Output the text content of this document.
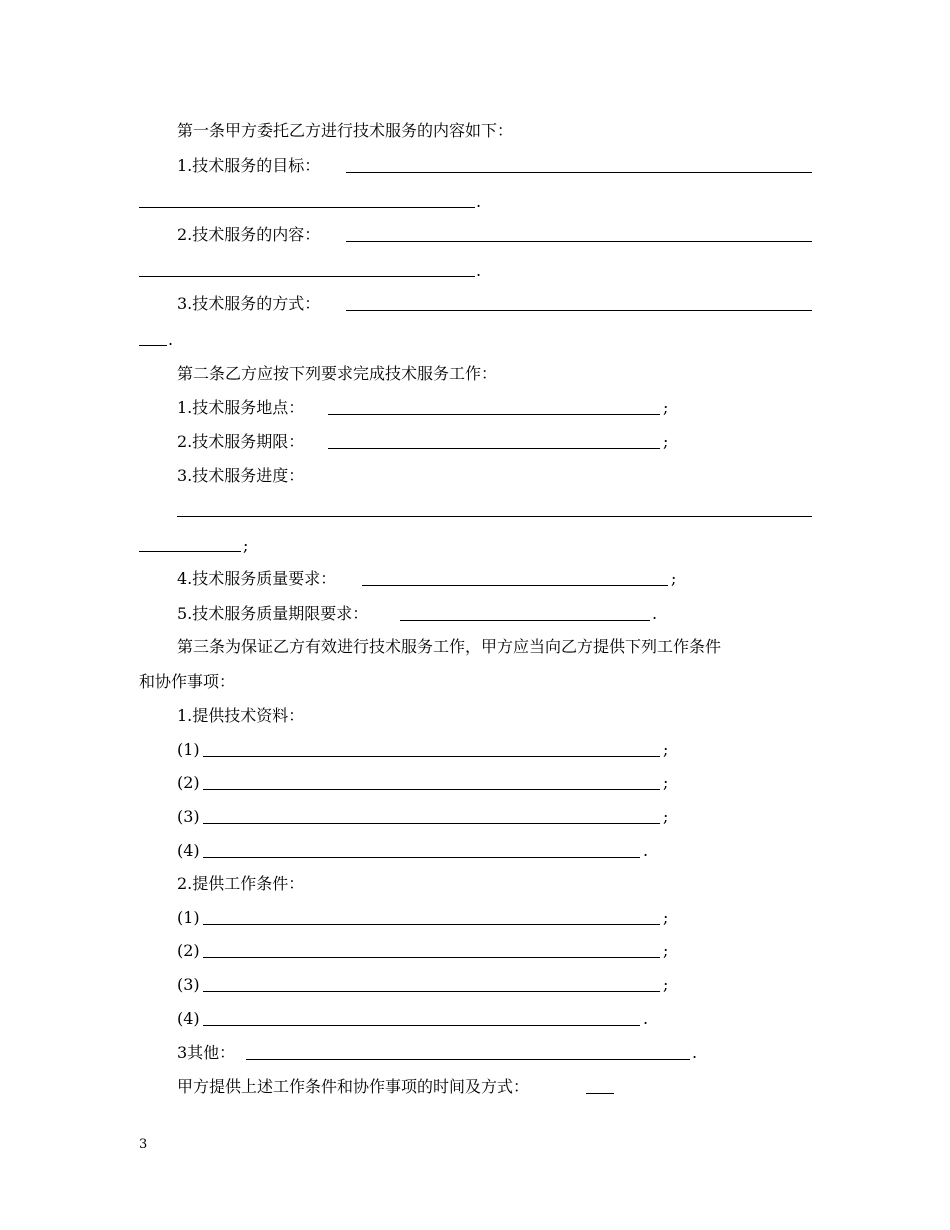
第一条甲方委托乙方进行技术服务的内容如下：
1.技术服务的目标：
.
2.技术服务的内容：
.
3.技术服务的方式：
.
第二条乙方应按下列要求完成技术服务工作：
1.技术服务地点：	;
2.技术服务期限：	;
3.技术服务进度：
;
4.技术服务质量要求：	;
5.技术服务质量期限要求：	.
第三条为保证乙方有效进行技术服务工作，甲方应当向乙方提供下列工作条件
和协作事项：
1.提供技术资料：
(1)	;
(2)	;
(3)	;
(4)	.
2.提供工作条件：
(1)	;
(2)	;
(3)	;
(4)	.
3其他：	.
甲方提供上述工作条件和协作事项的时间及方式：
3
